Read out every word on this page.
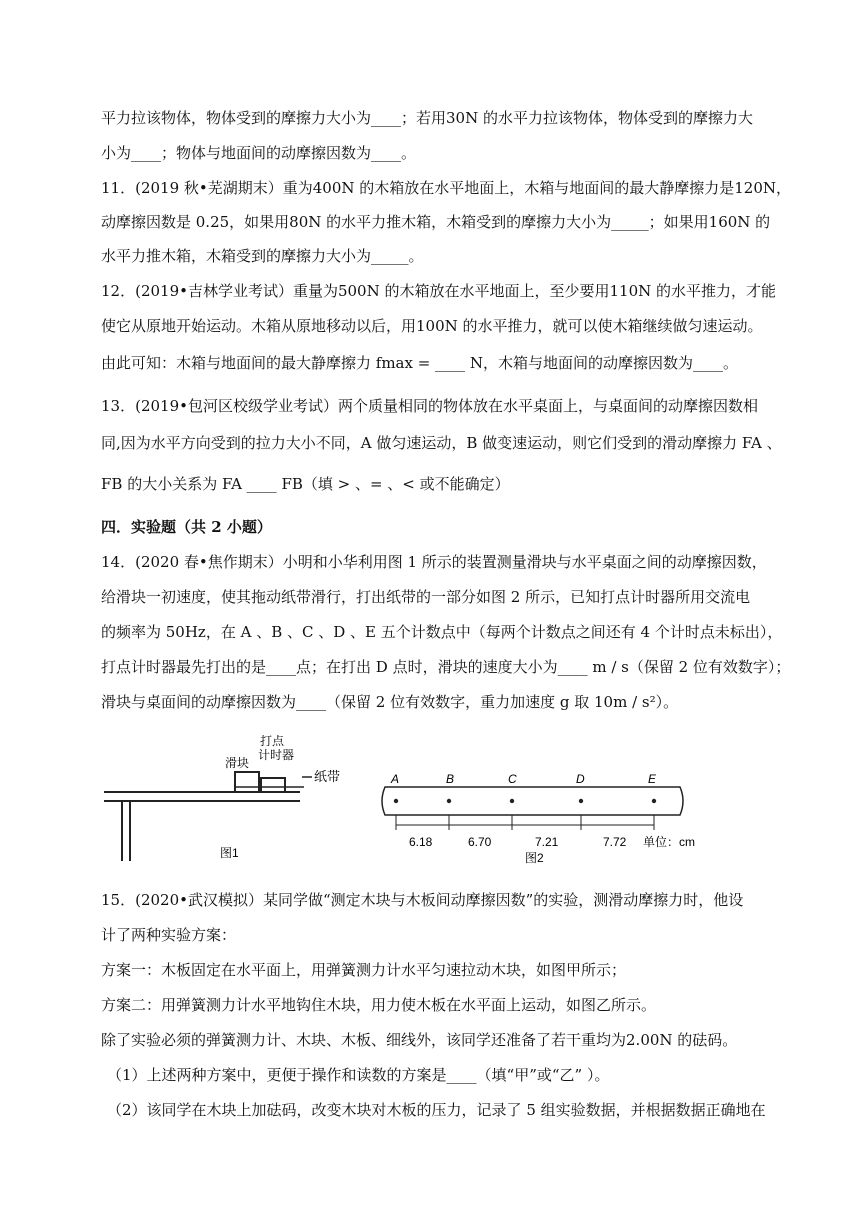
平力拉该物体，物体受到的摩擦力大小为____；若用30N 的水平力拉该物体，物体受到的摩擦力大
小为____；物体与地面间的动摩擦因数为____。
11．(2019 秋•芜湖期末）重为400N 的木箱放在水平地面上，木箱与地面间的最大静摩擦力是120N，
动摩擦因数是 0.25，如果用80N 的水平力推木箱，木箱受到的摩擦力大小为_____；如果用160N 的
水平力推木箱，木箱受到的摩擦力大小为_____。
12．(2019•吉林学业考试）重量为500N 的木箱放在水平地面上，至少要用110N 的水平推力，才能
使它从原地开始运动。木箱从原地移动以后，用100N 的水平推力，就可以使木箱继续做匀速运动。
由此可知：木箱与地面间的最大静摩擦力 fmax = ____ N，木箱与地面间的动摩擦因数为____。
13．(2019•包河区校级学业考试）两个质量相同的物体放在水平桌面上，与桌面间的动摩擦因数相
同,因为水平方向受到的拉力大小不同，A 做匀速运动，B 做变速运动，则它们受到的滑动摩擦力 FA 、
FB 的大小关系为 FA ____ FB（填 > 、= 、< 或不能确定）
四．实验题（共 2 小题）
14．(2020 春•焦作期末）小明和小华利用图 1 所示的装置测量滑块与水平桌面之间的动摩擦因数，
给滑块一初速度，使其拖动纸带滑行，打出纸带的一部分如图 2 所示，已知打点计时器所用交流电
的频率为 50Hz，在 A 、B 、C 、D 、E 五个计数点中（每两个计数点之间还有 4 个计时点未标出），
打点计时器最先打出的是____点；在打出 D 点时，滑块的速度大小为____ m / s（保留 2 位有效数字）；
滑块与桌面间的动摩擦因数为____（保留 2 位有效数字，重力加速度 g 取 10m / s²）。
打点
计时器
滑块
图1
纸带	A	B	C	D	E
6.18	6.70	7.21	7.72 单位：cm
图2
15．(2020•武汉模拟）某同学做“测定木块与木板间动摩擦因数”的实验，测滑动摩擦力时，他设
计了两种实验方案：
方案一：木板固定在水平面上，用弹簧测力计水平匀速拉动木块，如图甲所示；
方案二：用弹簧测力计水平地钩住木块，用力使木板在水平面上运动，如图乙所示。
除了实验必须的弹簧测力计、木块、木板、细线外，该同学还准备了若干重均为2.00N 的砝码。
（1）上述两种方案中，更便于操作和读数的方案是____（填“甲”或“乙” ）。
（2）该同学在木块上加砝码，改变木块对木板的压力，记录了 5 组实验数据，并根据数据正确地在
